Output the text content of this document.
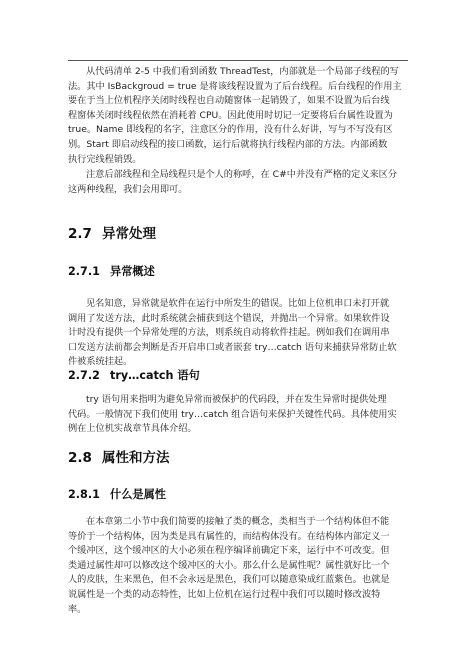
从代码清单 2-5 中我们看到函数 ThreadTest，内部就是一个局部子线程的写
法。其中 IsBackgroud = true 是将该线程设置为了后台线程。后台线程的作用主
要在于当上位机程序关闭时线程也自动随窗体一起销毁了，如果不设置为后台线
程窗体关闭时线程依然在消耗着 CPU。因此使用时切记一定要将后台属性设置为
true。Name 即线程的名字，注意区分的作用，没有什么好讲，写与不写没有区
别。Start 即启动线程的接口函数，运行后就将执行线程内部的方法。内部函数
执行完线程销毁。

注意后部线程和全局线程只是个人的称呼，在 C#中并没有严格的定义来区分
这两种线程，我们会用即可。

2.7 异常处理
2.7.1 异常概述

见名知意，异常就是软件在运行中所发生的错误。比如上位机串口未打开就
调用了发送方法，此时系统就会捕获到这个错误，并抛出一个异常。如果软件设
计时没有提供一个异常处理的方法，则系统自动将软件挂起。例如我们在调用串
口发送方法前都会判断是否开启串口或者嵌套 try…catch 语句来捕获异常防止软
件被系统挂起。

2.7.2 try…catch 语句

try 语句用来指明为避免异常而被保护的代码段，并在发生异常时提供处理
代码。一般情况下我们使用 try…catch 组合语句来保护关键性代码。具体使用实
例在上位机实战章节具体介绍。

2.8 属性和方法
2.8.1 什么是属性

在本章第二小节中我们简要的接触了类的概念，类相当于一个结构体但不能
等价于一个结构体，因为类是具有属性的，而结构体没有。在结构体内部定义一
个缓冲区，这个缓冲区的大小必须在程序编译前确定下来，运行中不可改变。但
类通过属性却可以修改这个缓冲区的大小。那么什么是属性呢？属性就好比一个
人的皮肤，生来黑色，但不会永远是黑色，我们可以随意染成红蓝紫色。也就是
说属性是一个类的动态特性，比如上位机在运行过程中我们可以随时修改波特
率。
